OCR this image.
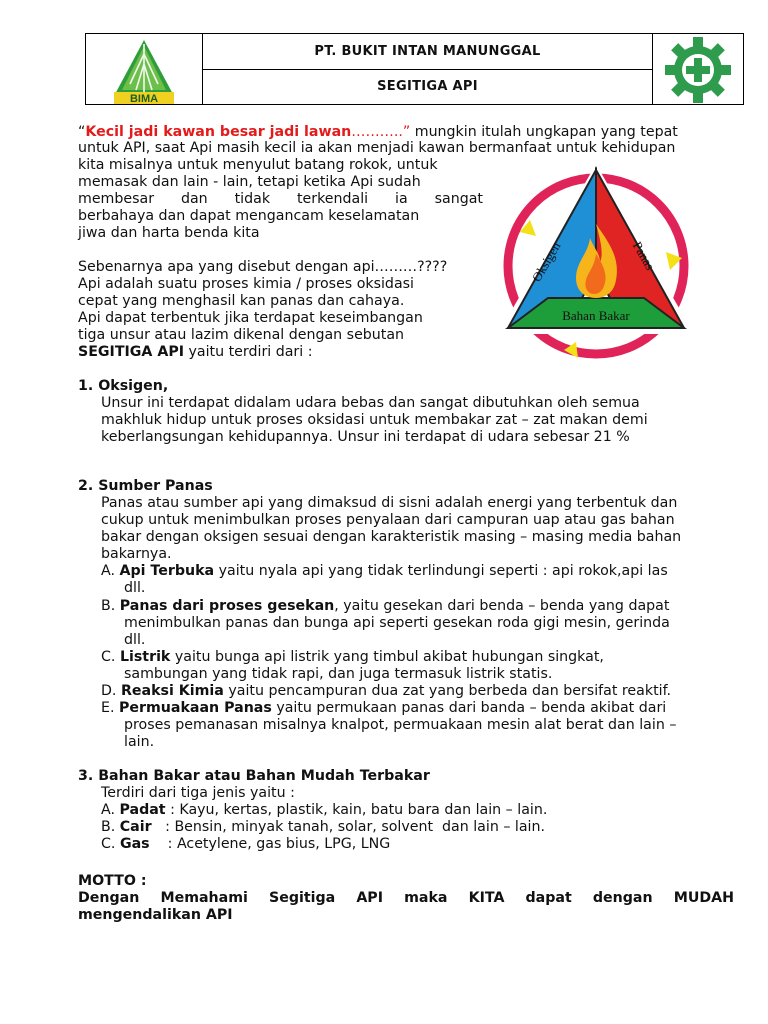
BIMA
PT. BUKIT INTAN MANUNGGAL
SEGITIGA API
“Kecil jadi kawan besar jadi lawan………..” mungkin itulah ungkapan yang tepat
untuk API, saat Api masih kecil ia akan menjadi kawan bermanfaat untuk kehidupan
kita misalnya untuk menyulut batang rokok, untuk
memasak dan lain - lain, tetapi ketika Api sudah
membesar dan tidak terkendali ia sangat
berbahaya dan dapat mengancam keselamatan
jiwa dan harta benda kita
Sebenarnya apa yang disebut dengan api………????
Api adalah suatu proses kimia / proses oksidasi
cepat yang menghasil kan panas dan cahaya.
Api dapat terbentuk jika terdapat keseimbangan
tiga unsur atau lazim dikenal dengan sebutan
SEGITIGA API yaitu terdiri dari :
Oksigen	Panas
Bahan Bakar
1. Oksigen,
Unsur ini terdapat didalam udara bebas dan sangat dibutuhkan oleh semua
makhluk hidup untuk proses oksidasi untuk membakar zat – zat makan demi
keberlangsungan kehidupannya. Unsur ini terdapat di udara sebesar 21 %
2. Sumber Panas
Panas atau sumber api yang dimaksud di sisni adalah energi yang terbentuk dan
cukup untuk menimbulkan proses penyalaan dari campuran uap atau gas bahan
bakar dengan oksigen sesuai dengan karakteristik masing – masing media bahan
bakarnya.
A. Api Terbuka yaitu nyala api yang tidak terlindungi seperti : api rokok,api las
dll.
B. Panas dari proses gesekan, yaitu gesekan dari benda – benda yang dapat
menimbulkan panas dan bunga api seperti gesekan roda gigi mesin, gerinda
dll.
C. Listrik yaitu bunga api listrik yang timbul akibat hubungan singkat,
sambungan yang tidak rapi, dan juga termasuk listrik statis.
D. Reaksi Kimia yaitu pencampuran dua zat yang berbeda dan bersifat reaktif.
E. Permuakaan Panas yaitu permukaan panas dari banda – benda akibat dari
proses pemanasan misalnya knalpot, permuakaan mesin alat berat dan lain –
lain.
3. Bahan Bakar atau Bahan Mudah Terbakar
Terdiri dari tiga jenis yaitu :
A. Padat : Kayu, kertas, plastik, kain, batu bara dan lain – lain.
B. Cair   : Bensin, minyak tanah, solar, solvent  dan lain – lain.
C. Gas    : Acetylene, gas bius, LPG, LNG
MOTTO :
Dengan Memahami Segitiga API maka KITA dapat dengan MUDAH
mengendalikan API
